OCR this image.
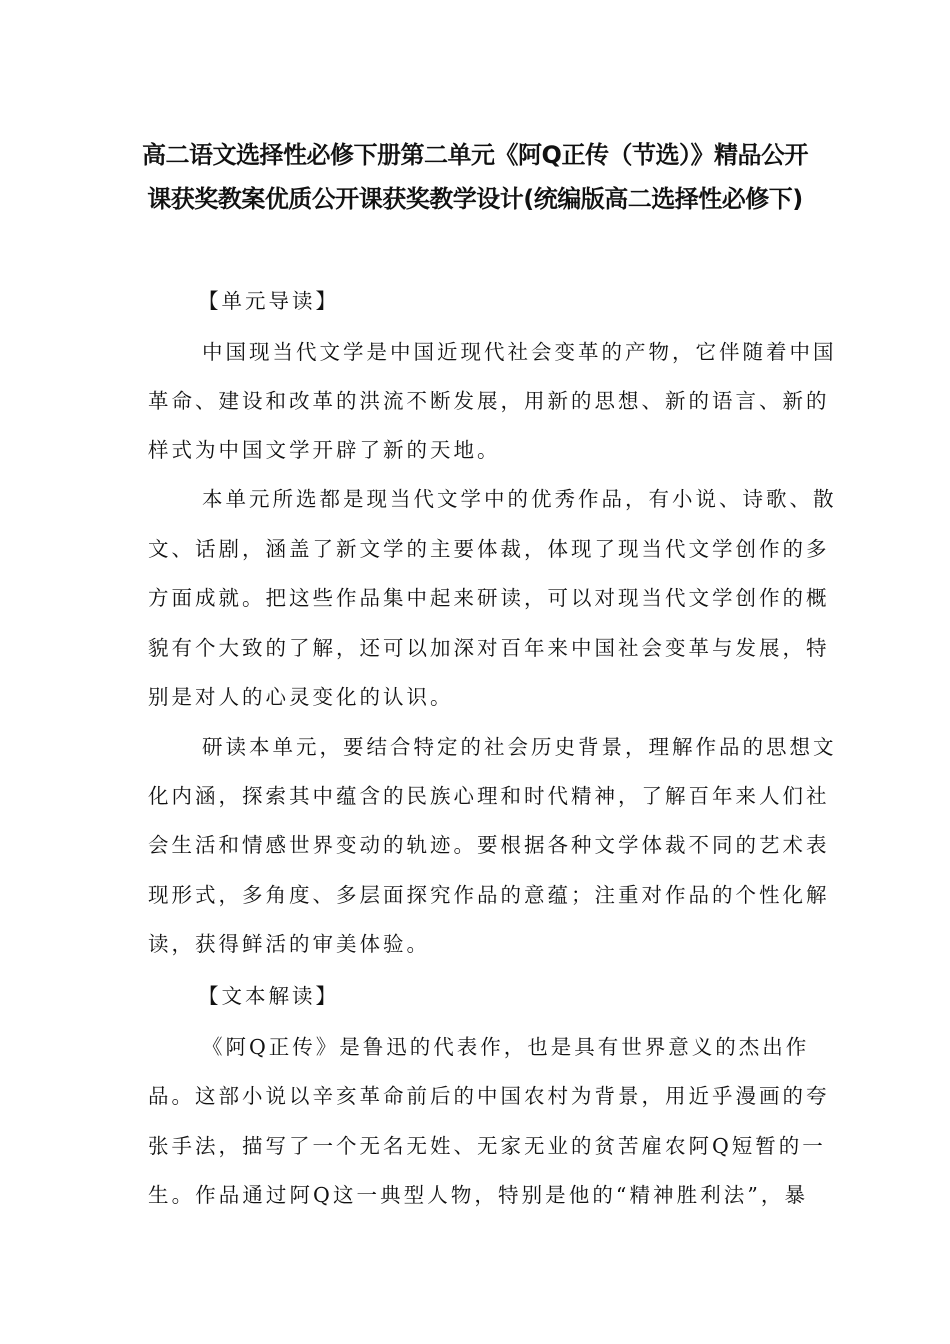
高二语文选择性必修下册第二单元《阿Q正传（节选）》精品公开
课获奖教案优质公开课获奖教学设计(统编版高二选择性必修下)
【单元导读】
中国现当代文学是中国近现代社会变革的产物，它伴随着中国
革命、建设和改革的洪流不断发展，用新的思想、新的语言、新的
样式为中国文学开辟了新的天地。
本单元所选都是现当代文学中的优秀作品，有小说、诗歌、散
文、话剧，涵盖了新文学的主要体裁，体现了现当代文学创作的多
方面成就。把这些作品集中起来研读，可以对现当代文学创作的概
貌有个大致的了解，还可以加深对百年来中国社会变革与发展，特
别是对人的心灵变化的认识。
研读本单元，要结合特定的社会历史背景，理解作品的思想文
化内涵，探索其中蕴含的民族心理和时代精神，了解百年来人们社
会生活和情感世界变动的轨迹。要根据各种文学体裁不同的艺术表
现形式，多角度、多层面探究作品的意蕴；注重对作品的个性化解
读，获得鲜活的审美体验。
【文本解读】
《阿Q正传》是鲁迅的代表作，也是具有世界意义的杰出作
品。这部小说以辛亥革命前后的中国农村为背景，用近乎漫画的夸
张手法，描写了一个无名无姓、无家无业的贫苦雇农阿Q短暂的一
生。作品通过阿Q这一典型人物，特别是他的“精神胜利法”，暴
